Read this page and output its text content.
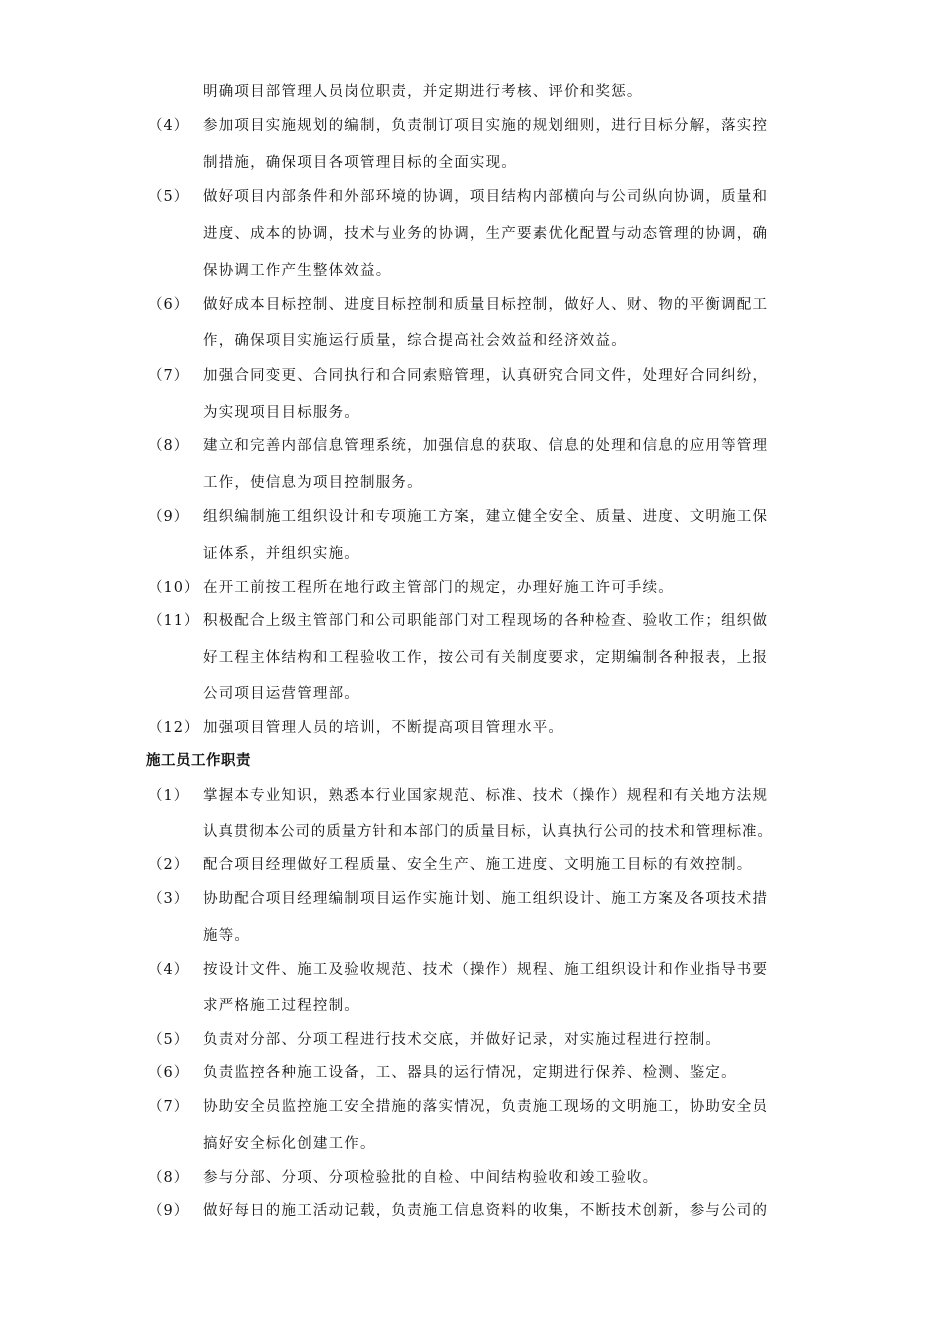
明确项目部管理人员岗位职责，并定期进行考核、评价和奖惩。
（4） 参加项目实施规划的编制，负责制订项目实施的规划细则，进行目标分解，落实控
制措施，确保项目各项管理目标的全面实现。
（5） 做好项目内部条件和外部环境的协调，项目结构内部横向与公司纵向协调，质量和
进度、成本的协调，技术与业务的协调，生产要素优化配置与动态管理的协调，确
保协调工作产生整体效益。
（6） 做好成本目标控制、进度目标控制和质量目标控制，做好人、财、物的平衡调配工
作，确保项目实施运行质量，综合提高社会效益和经济效益。
（7） 加强合同变更、合同执行和合同索赔管理，认真研究合同文件，处理好合同纠纷，
为实现项目目标服务。
（8） 建立和完善内部信息管理系统，加强信息的获取、信息的处理和信息的应用等管理
工作，使信息为项目控制服务。
（9） 组织编制施工组织设计和专项施工方案，建立健全安全、质量、进度、文明施工保
证体系，并组织实施。
（10） 在开工前按工程所在地行政主管部门的规定，办理好施工许可手续。
（11） 积极配合上级主管部门和公司职能部门对工程现场的各种检查、验收工作；组织做
好工程主体结构和工程验收工作，按公司有关制度要求，定期编制各种报表，上报
公司项目运营管理部。
（12） 加强项目管理人员的培训，不断提高项目管理水平。
施工员工作职责
（1） 掌握本专业知识，熟悉本行业国家规范、标准、技术（操作）规程和有关地方法规
认真贯彻本公司的质量方针和本部门的质量目标，认真执行公司的技术和管理标准。
（2） 配合项目经理做好工程质量、安全生产、施工进度、文明施工目标的有效控制。
（3） 协助配合项目经理编制项目运作实施计划、施工组织设计、施工方案及各项技术措
施等。
（4） 按设计文件、施工及验收规范、技术（操作）规程、施工组织设计和作业指导书要
求严格施工过程控制。
（5） 负责对分部、分项工程进行技术交底，并做好记录，对实施过程进行控制。
（6） 负责监控各种施工设备，工、器具的运行情况，定期进行保养、检测、鉴定。
（7） 协助安全员监控施工安全措施的落实情况，负责施工现场的文明施工，协助安全员
搞好安全标化创建工作。
（8） 参与分部、分项、分项检验批的自检、中间结构验收和竣工验收。
（9） 做好每日的施工活动记载，负责施工信息资料的收集，不断技术创新，参与公司的
